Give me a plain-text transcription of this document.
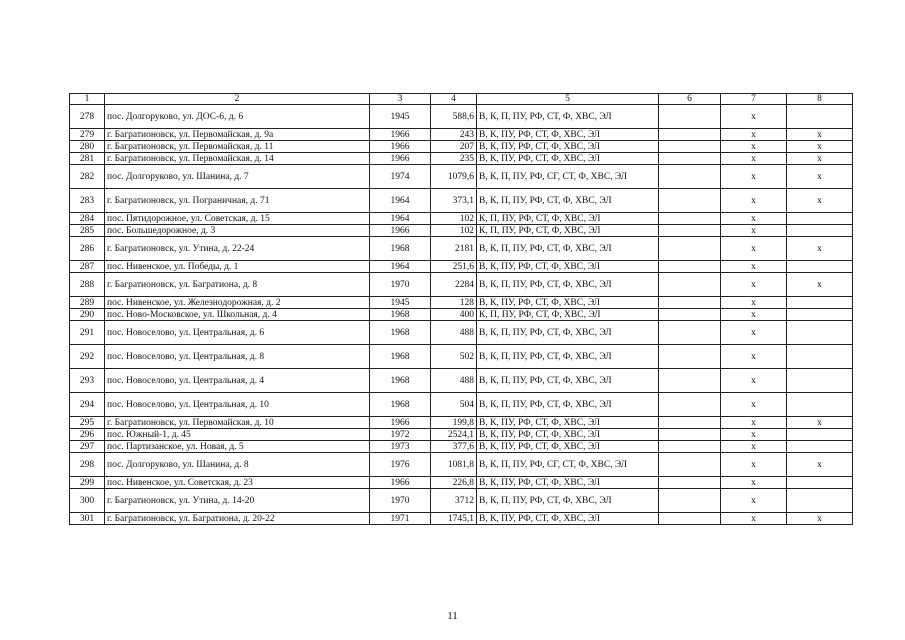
1	2	3	4	5	6	7	8
278	пос. Долгоруково, ул. ДОС-6, д. 6	1945	588,6	В, К, П, ПУ, РФ, СТ, Ф, ХВС, ЭЛ		х	
279	г. Багратионовск, ул. Первомайская, д. 9а	1966	243	В, К, ПУ, РФ, СТ, Ф, ХВС, ЭЛ		х	х
280	г. Багратионовск, ул. Первомайская, д. 11	1966	207	В, К, ПУ, РФ, СТ, Ф, ХВС, ЭЛ		х	х
281	г. Багратионовск, ул. Первомайская, д. 14	1966	235	В, К, ПУ, РФ, СТ, Ф, ХВС, ЭЛ		х	х
282	пос. Долгоруково, ул. Шанина, д. 7	1974	1079,6	В, К, П, ПУ, РФ, СГ, СТ, Ф, ХВС, ЭЛ		х	х
283	г. Багратионовск, ул. Пограничная, д. 71	1964	373,1	В, К, П, ПУ, РФ, СТ, Ф, ХВС, ЭЛ		х	х
284	пос. Пятидорожное, ул. Советская, д. 15	1964	102	К, П, ПУ, РФ, СТ, Ф, ХВС, ЭЛ		х	
285	пос. Большедорожное, д. 3	1966	102	К, П, ПУ, РФ, СТ, Ф, ХВС, ЭЛ		х	
286	г. Багратионовск, ул. Утина, д. 22-24	1968	2181	В, К, П, ПУ, РФ, СТ, Ф, ХВС, ЭЛ		х	х
287	пос. Нивенское, ул. Победы, д. 1	1964	251,6	В, К, ПУ, РФ, СТ, Ф, ХВС, ЭЛ		х	
288	г. Багратионовск, ул. Багратиона, д. 8	1970	2284	В, К, П, ПУ, РФ, СТ, Ф, ХВС, ЭЛ		х	х
289	пос. Нивенское, ул. Железнодорожная, д. 2	1945	128	В, К, ПУ, РФ, СТ, Ф, ХВС, ЭЛ		х	
290	пос. Ново-Московское, ул. Школьная, д. 4	1968	400	К, П, ПУ, РФ, СТ, Ф, ХВС, ЭЛ		х	
291	пос. Новоселово, ул. Центральная, д. 6	1968	488	В, К, П, ПУ, РФ, СТ, Ф, ХВС, ЭЛ		х	
292	пос. Новоселово, ул. Центральная, д. 8	1968	502	В, К, П, ПУ, РФ, СТ, Ф, ХВС, ЭЛ		х	
293	пос. Новоселово, ул. Центральная, д. 4	1968	488	В, К, П, ПУ, РФ, СТ, Ф, ХВС, ЭЛ		х	
294	пос. Новоселово, ул. Центральная, д. 10	1968	504	В, К, П, ПУ, РФ, СТ, Ф, ХВС, ЭЛ		х	
295	г. Багратионовск, ул. Первомайская, д. 10	1966	199,8	В, К, ПУ, РФ, СТ, Ф, ХВС, ЭЛ		х	х
296	пос. Южный-1, д. 45	1972	2524,1	В, К, ПУ, РФ, СТ, Ф, ХВС, ЭЛ		х	
297	пос. Партизанское, ул. Новая, д. 5	1973	377,6	В, К, ПУ, РФ, СТ, Ф, ХВС, ЭЛ		х	
298	пос. Долгоруково, ул. Шанина, д. 8	1976	1081,8	В, К, П, ПУ, РФ, СГ, СТ, Ф, ХВС, ЭЛ		х	х
299	пос. Нивенское, ул. Советская, д. 23	1966	226,8	В, К, ПУ, РФ, СТ, Ф, ХВС, ЭЛ		х	
300	г. Багратионовск, ул. Утина, д. 14-20	1970	3712	В, К, П, ПУ, РФ, СТ, Ф, ХВС, ЭЛ		х	
301	г. Багратионовск, ул. Багратиона, д. 20-22	1971	1745,1	В, К, ПУ, РФ, СТ, Ф, ХВС, ЭЛ		х	х
11
